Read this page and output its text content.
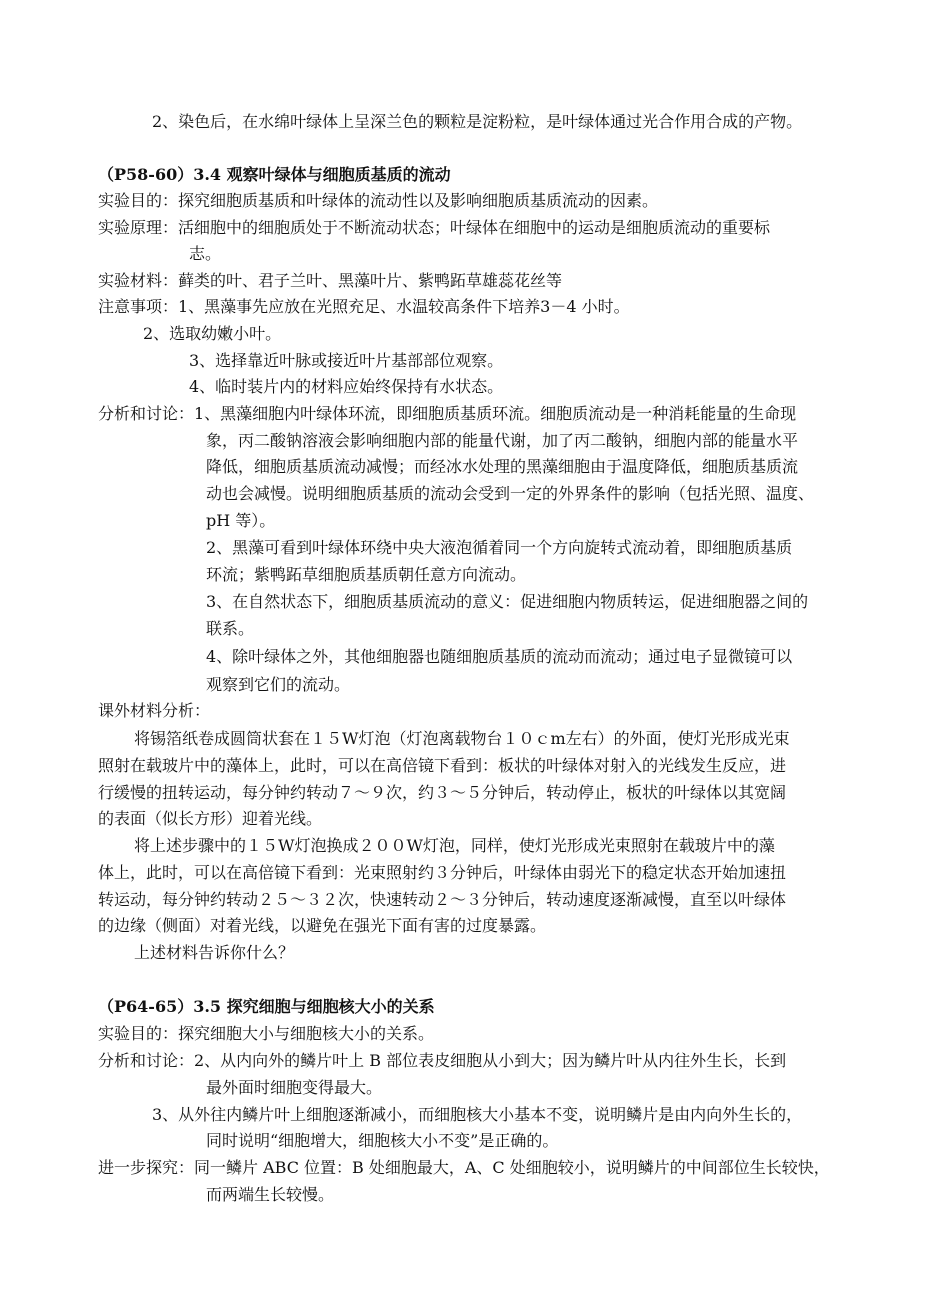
2、染色后，在水绵叶绿体上呈深兰色的颗粒是淀粉粒，是叶绿体通过光合作用合成的产物。
（P58-60）3.4 观察叶绿体与细胞质基质的流动
实验目的：探究细胞质基质和叶绿体的流动性以及影响细胞质基质流动的因素。
实验原理：活细胞中的细胞质处于不断流动状态；叶绿体在细胞中的运动是细胞质流动的重要标
志。
实验材料：藓类的叶、君子兰叶、黑藻叶片、紫鸭跖草雄蕊花丝等
注意事项：1、黑藻事先应放在光照充足、水温较高条件下培养3－4 小时。
2、选取幼嫩小叶。
3、选择靠近叶脉或接近叶片基部部位观察。
4、临时装片内的材料应始终保持有水状态。
分析和讨论：1、黑藻细胞内叶绿体环流，即细胞质基质环流。细胞质流动是一种消耗能量的生命现
象，丙二酸钠溶液会影响细胞内部的能量代谢，加了丙二酸钠，细胞内部的能量水平
降低，细胞质基质流动减慢；而经冰水处理的黑藻细胞由于温度降低，细胞质基质流
动也会减慢。说明细胞质基质的流动会受到一定的外界条件的影响（包括光照、温度、
pH 等）。
2、黑藻可看到叶绿体环绕中央大液泡循着同一个方向旋转式流动着，即细胞质基质
环流；紫鸭跖草细胞质基质朝任意方向流动。
3、在自然状态下，细胞质基质流动的意义：促进细胞内物质转运，促进细胞器之间的
联系。
4、除叶绿体之外，其他细胞器也随细胞质基质的流动而流动；通过电子显微镜可以
观察到它们的流动。
课外材料分析：
将锡箔纸卷成圆筒状套在１５W灯泡（灯泡离载物台１０ｃm左右）的外面，使灯光形成光束
照射在载玻片中的藻体上，此时，可以在高倍镜下看到：板状的叶绿体对射入的光线发生反应，进
行缓慢的扭转运动，每分钟约转动７～９次，约３～５分钟后，转动停止，板状的叶绿体以其宽阔
的表面（似长方形）迎着光线。
将上述步骤中的１５W灯泡换成２００W灯泡，同样，使灯光形成光束照射在载玻片中的藻
体上，此时，可以在高倍镜下看到：光束照射约３分钟后，叶绿体由弱光下的稳定状态开始加速扭
转运动，每分钟约转动２５～３２次，快速转动２～３分钟后，转动速度逐渐减慢，直至以叶绿体
的边缘（侧面）对着光线，以避免在强光下面有害的过度暴露。
上述材料告诉你什么？
（P64-65）3.5 探究细胞与细胞核大小的关系
实验目的：探究细胞大小与细胞核大小的关系。
分析和讨论：2、从内向外的鳞片叶上 B 部位表皮细胞从小到大；因为鳞片叶从内往外生长，长到
最外面时细胞变得最大。
3、从外往内鳞片叶上细胞逐渐减小，而细胞核大小基本不变，说明鳞片是由内向外生长的，
同时说明“细胞增大，细胞核大小不变”是正确的。
进一步探究：同一鳞片 ABC 位置：B 处细胞最大，A、C 处细胞较小，说明鳞片的中间部位生长较快，
而两端生长较慢。
